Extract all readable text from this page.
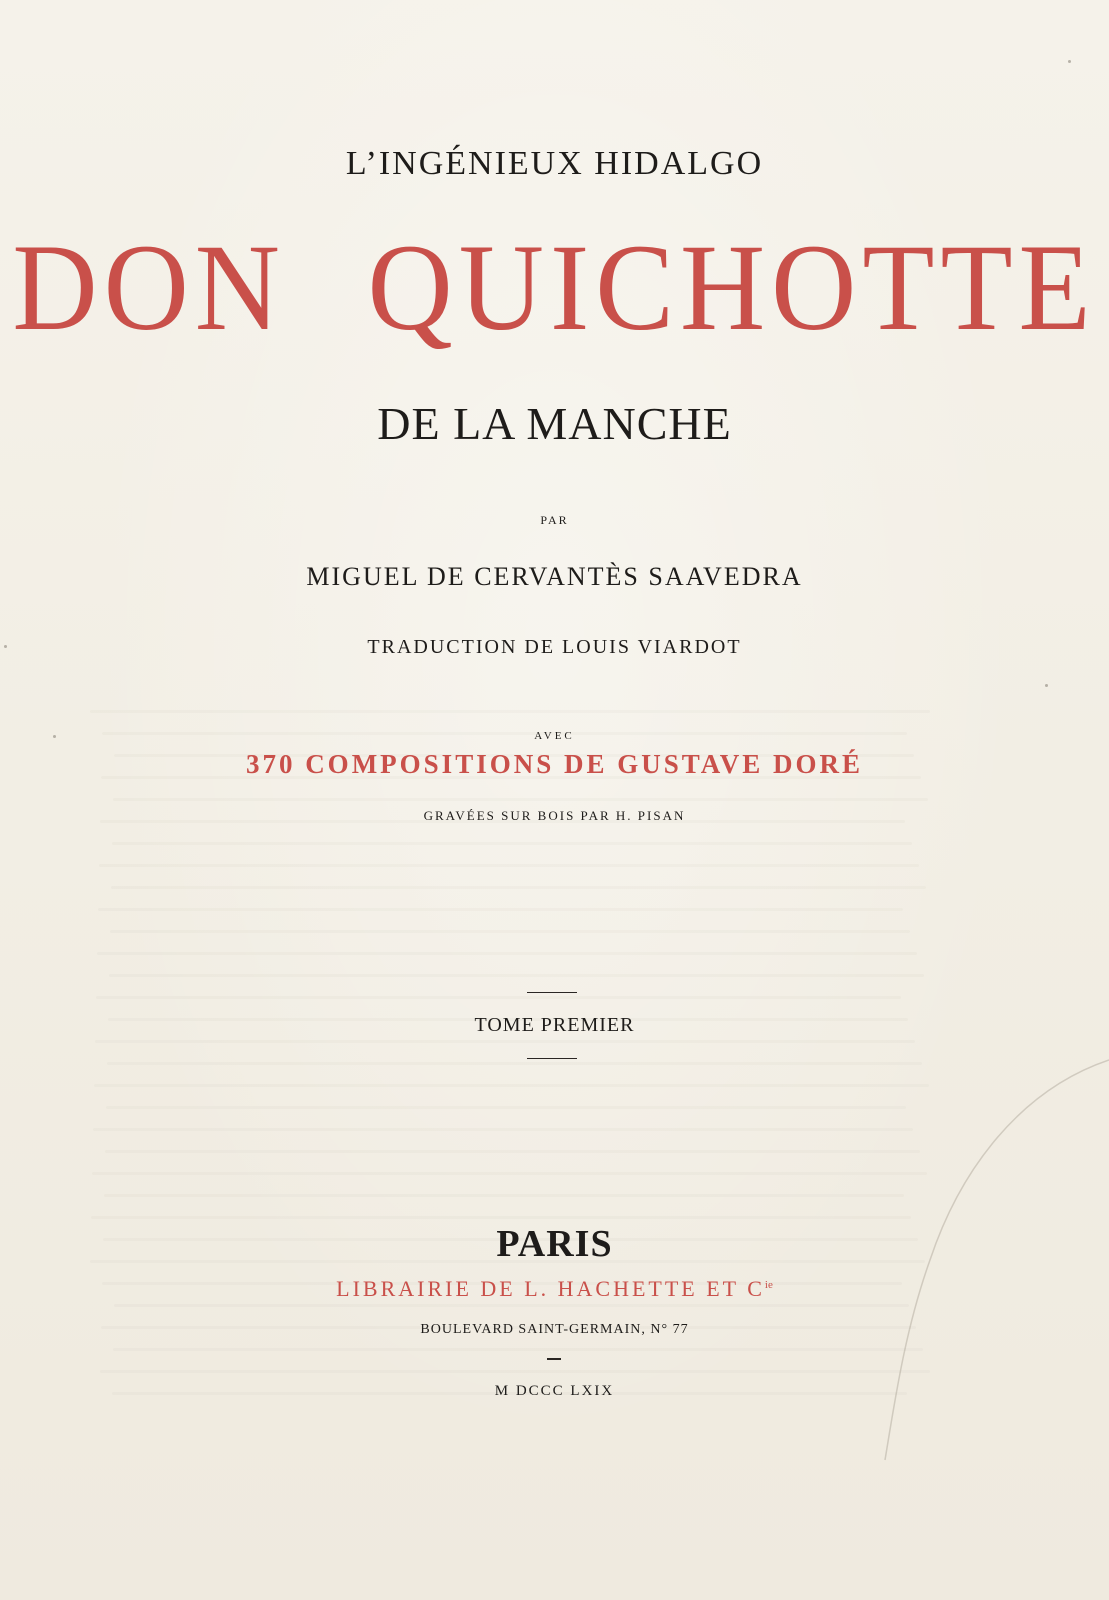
L’INGÉNIEUX HIDALGO
DON QUICHOTTE
DE LA MANCHE
PAR
MIGUEL DE CERVANTÈS SAAVEDRA
TRADUCTION DE LOUIS VIARDOT
AVEC
370 COMPOSITIONS DE GUSTAVE DORÉ
GRAVÉES SUR BOIS PAR H. PISAN
TOME PREMIER
PARIS
LIBRAIRIE DE L. HACHETTE ET $C^{ie}$
BOULEVARD SAINT-GERMAIN, N° 77
M DCCC LXIX
